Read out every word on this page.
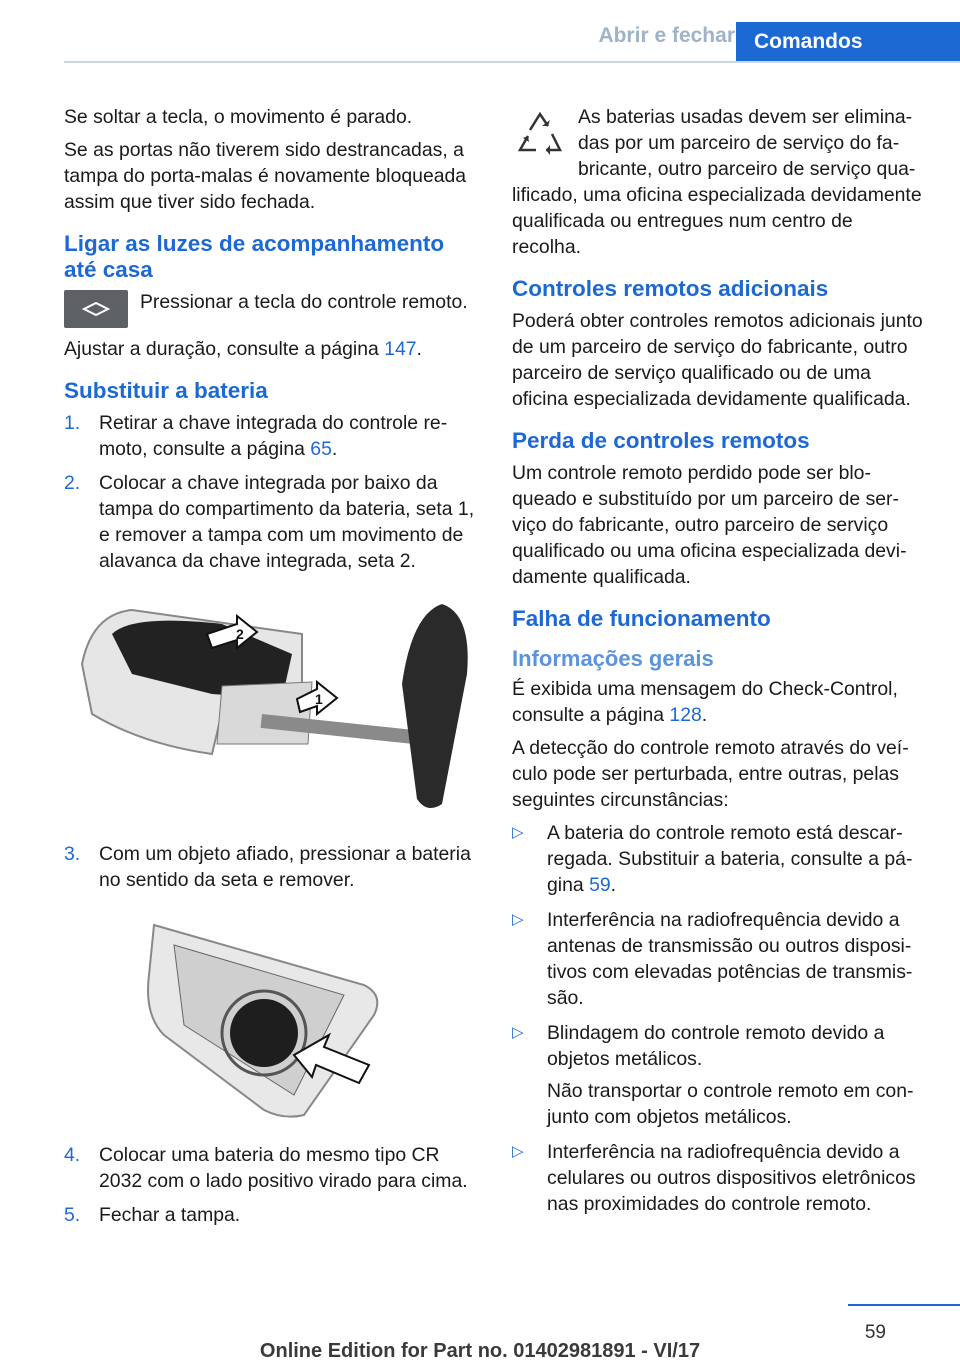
Abrir e fechar Comandos

Se soltar a tecla, o movimento é parado.

Se as portas não tiverem sido destrancadas, a tampa do porta-malas é novamente bloqueada assim que tiver sido fechada.

Ligar as luzes de acompanhamento até casa
Pressionar a tecla do controle remoto.

Ajustar a duração, consulte a página 147.

Substituir a bateria
1. Retirar a chave integrada do controle remoto, consulte a página 65.
2. Colocar a chave integrada por baixo da tampa do compartimento da bateria, seta 1, e remover a tampa com um movimento de alavanca da chave integrada, seta 2.
2
1
3. Com um objeto afiado, pressionar a bateria no sentido da seta e remover.
4. Colocar uma bateria do mesmo tipo CR 2032 com o lado positivo virado para cima.
5. Fechar a tampa.

As baterias usadas devem ser eliminadas por um parceiro de serviço do fabricante, outro parceiro de serviço qualificado, uma oficina especializada devidamente qualificada ou entregues num centro de recolha.

Controles remotos adicionais

Poderá obter controles remotos adicionais junto de um parceiro de serviço do fabricante, outro parceiro de serviço qualificado ou de uma oficina especializada devidamente qualificada.

Perda de controles remotos

Um controle remoto perdido pode ser bloqueado e substituído por um parceiro de serviço do fabricante, outro parceiro de serviço qualificado ou uma oficina especializada devidamente qualificada.

Falha de funcionamento
Informações gerais

É exibida uma mensagem do Check-Control, consulte a página 128.

A detecção do controle remoto através do veículo pode ser perturbada, entre outras, pelas seguintes circunstâncias:

▷ A bateria do controle remoto está descarregada. Substituir a bateria, consulte a página 59.
▷ Interferência na radiofrequência devido a antenas de transmissão ou outros dispositivos com elevadas potências de transmissão.
▷ Blindagem do controle remoto devido a objetos metálicos.
Não transportar o controle remoto em conjunto com objetos metálicos.
▷ Interferência na radiofrequência devido a celulares ou outros dispositivos eletrônicos nas proximidades do controle remoto.
59
Online Edition for Part no. 01402981891 - VI/17
